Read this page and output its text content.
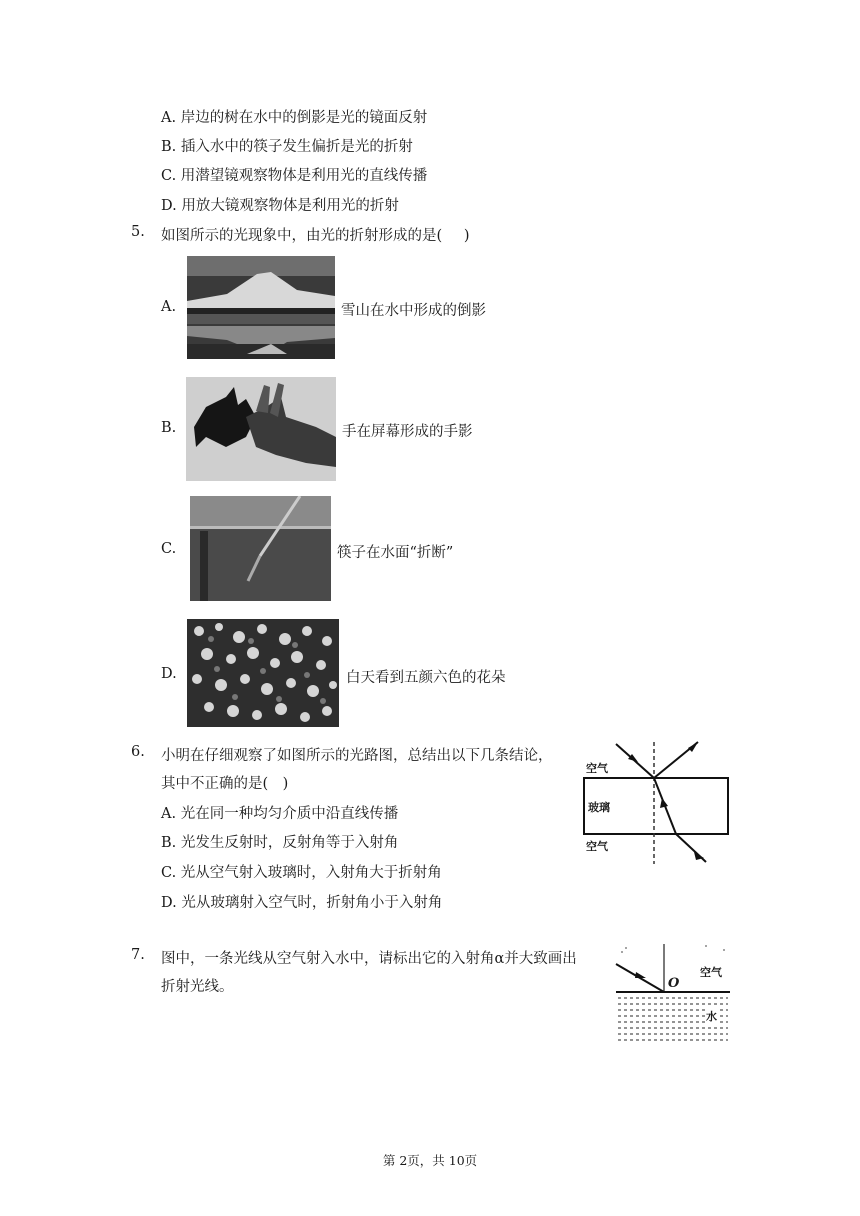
A. 岸边的树在水中的倒影是光的镜面反射
B. 插入水中的筷子发生偏折是光的折射
C. 用潜望镜观察物体是利用光的直线传播
D. 用放大镜观察物体是利用光的折射
5. 如图所示的光现象中，由光的折射形成的是(   )
A.	雪山在水中形成的倒影
B.	手在屏幕形成的手影
C.	筷子在水面“折断”
D.	白天看到五颜六色的花朵
6. 小明在仔细观察了如图所示的光路图，总结出以下几条结论，
其中不正确的是(  )
A. 光在同一种均匀介质中沿直线传播
B. 光发生反射时，反射角等于入射角
C. 光从空气射入玻璃时，入射角大于折射角
D. 光从玻璃射入空气时，折射角小于入射角
空气
玻璃
空气
7. 图中，一条光线从空气射入水中，请标出它的入射角α并大致画出
折射光线。	O
空气
水
第 2页，共 10页
